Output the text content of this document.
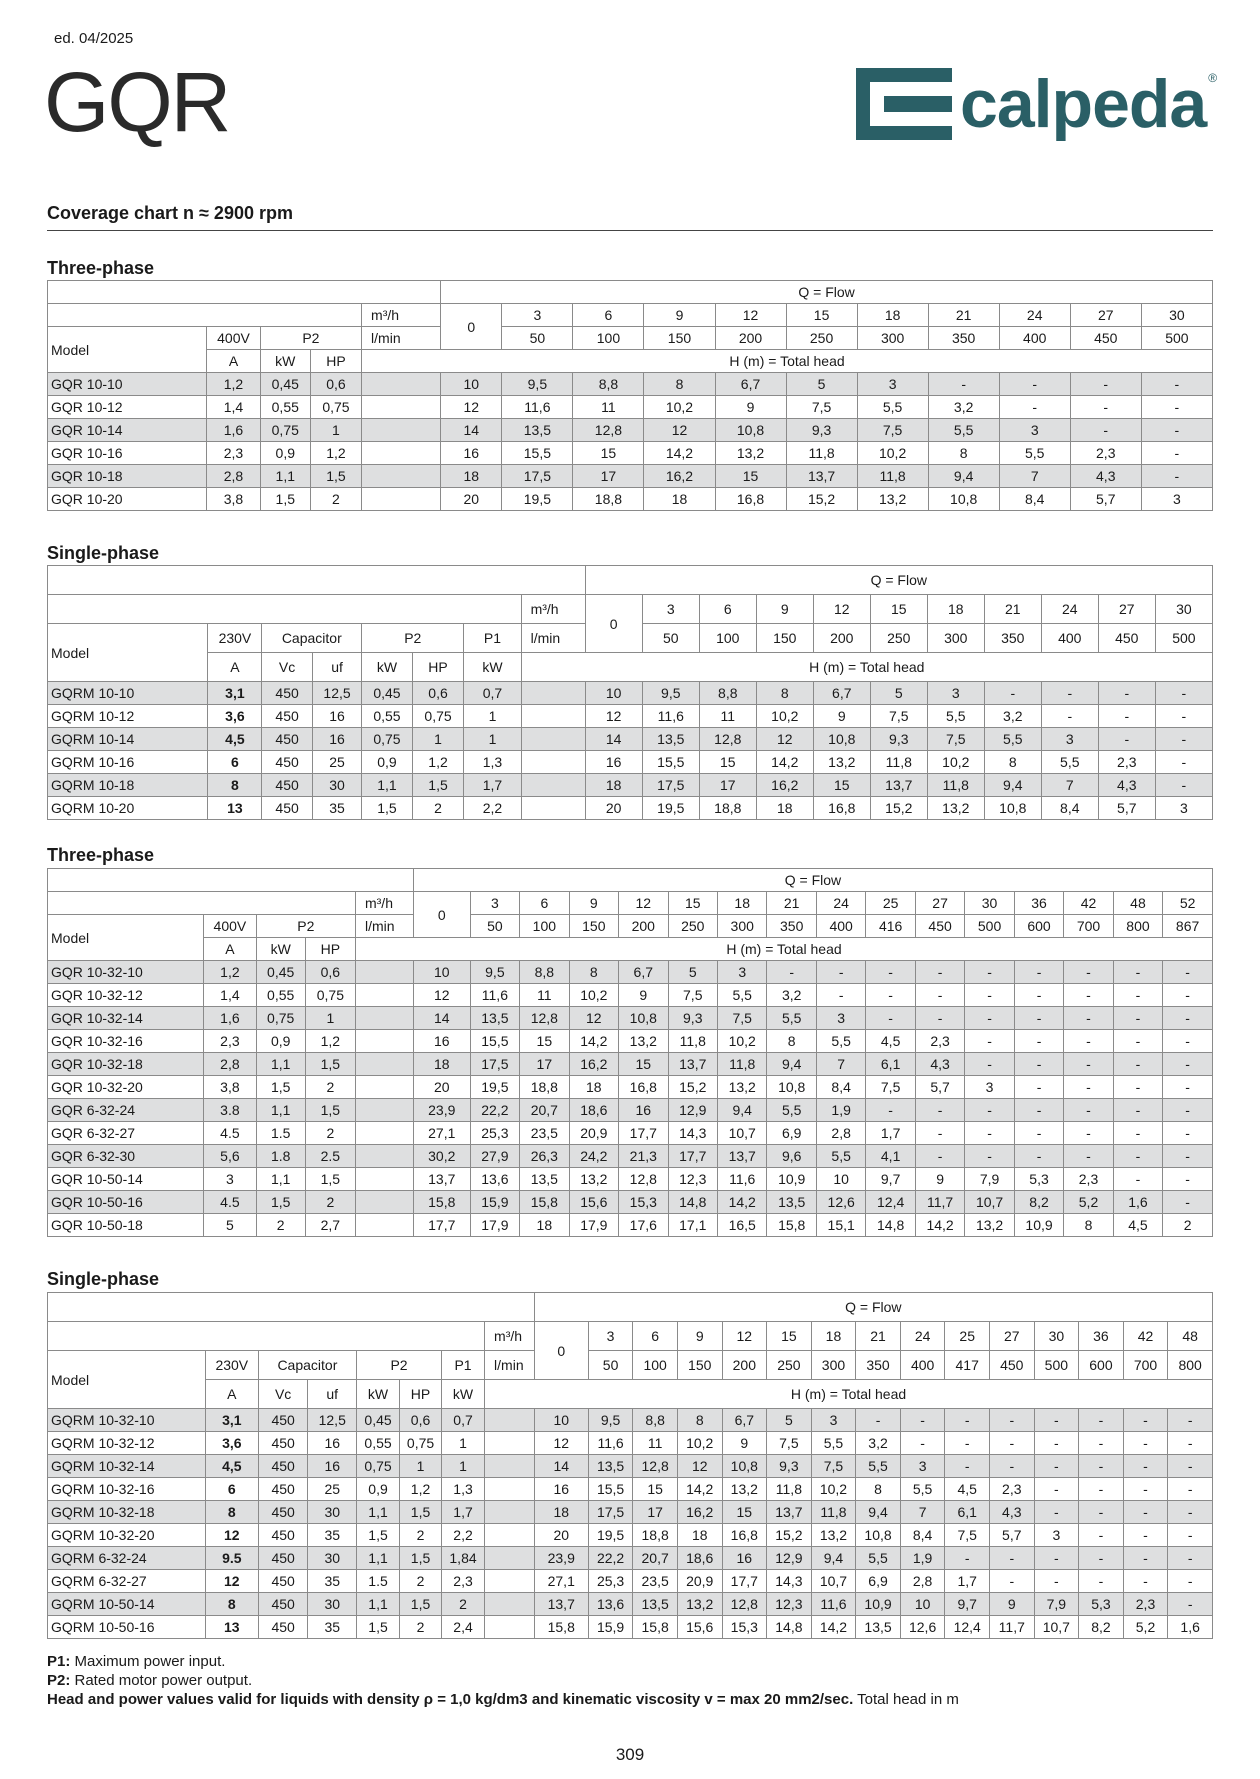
ed. 04/2025
GQR	calpeda ®
Coverage chart n ≈ 2900 rpm
Three-phase
					Q = Flow										
				m³/h	0	3	6	9	12	15	18	21	24	27	30
Model	400V	P2		l/min		50	100	150	200	250	300	350	400	450	500
	A	kW	HP	H (m) = Total head											
GQR 10-10	1,2	0,45	0,6		10	9,5	8,8	8	6,7	5	3	-	-	-	-
GQR 10-12	1,4	0,55	0,75		12	11,6	11	10,2	9	7,5	5,5	3,2	-	-	-
GQR 10-14	1,6	0,75	1		14	13,5	12,8	12	10,8	9,3	7,5	5,5	3	-	-
GQR 10-16	2,3	0,9	1,2		16	15,5	15	14,2	13,2	11,8	10,2	8	5,5	2,3	-
GQR 10-18	2,8	1,1	1,5		18	17,5	17	16,2	15	13,7	11,8	9,4	7	4,3	-
GQR 10-20	3,8	1,5	2		20	19,5	18,8	18	16,8	15,2	13,2	10,8	8,4	5,7	3
Single-phase
								Q = Flow										
							m³/h	0	3	6	9	12	15	18	21	24	27	30
Model	230V	Capacitor		P2		P1	l/min		50	100	150	200	250	300	350	400	450	500
	A	Vc	uf	kW	HP	kW	H (m) = Total head											
GQRM 10-10	3,1	450	12,5	0,45	0,6	0,7		10	9,5	8,8	8	6,7	5	3	-	-	-	-
GQRM 10-12	3,6	450	16	0,55	0,75	1		12	11,6	11	10,2	9	7,5	5,5	3,2	-	-	-
GQRM 10-14	4,5	450	16	0,75	1	1		14	13,5	12,8	12	10,8	9,3	7,5	5,5	3	-	-
GQRM 10-16	6	450	25	0,9	1,2	1,3		16	15,5	15	14,2	13,2	11,8	10,2	8	5,5	2,3	-
GQRM 10-18	8	450	30	1,1	1,5	1,7		18	17,5	17	16,2	15	13,7	11,8	9,4	7	4,3	-
GQRM 10-20	13	450	35	1,5	2	2,2		20	19,5	18,8	18	16,8	15,2	13,2	10,8	8,4	5,7	3
Three-phase
					Q = Flow															
				m³/h	0	3	6	9	12	15	18	21	24	25	27	30	36	42	48	52
Model	400V	P2		l/min		50	100	150	200	250	300	350	400	416	450	500	600	700	800	867
	A	kW	HP	H (m) = Total head																
GQR 10-32-10	1,2	0,45	0,6		10	9,5	8,8	8	6,7	5	3	-	-	-	-	-	-	-	-	-
GQR 10-32-12	1,4	0,55	0,75		12	11,6	11	10,2	9	7,5	5,5	3,2	-	-	-	-	-	-	-	-
GQR 10-32-14	1,6	0,75	1		14	13,5	12,8	12	10,8	9,3	7,5	5,5	3	-	-	-	-	-	-	-
GQR 10-32-16	2,3	0,9	1,2		16	15,5	15	14,2	13,2	11,8	10,2	8	5,5	4,5	2,3	-	-	-	-	-
GQR 10-32-18	2,8	1,1	1,5		18	17,5	17	16,2	15	13,7	11,8	9,4	7	6,1	4,3	-	-	-	-	-
GQR 10-32-20	3,8	1,5	2		20	19,5	18,8	18	16,8	15,2	13,2	10,8	8,4	7,5	5,7	3	-	-	-	-
GQR 6-32-24	3.8	1,1	1,5		23,9	22,2	20,7	18,6	16	12,9	9,4	5,5	1,9	-	-	-	-	-	-	-
GQR 6-32-27	4.5	1.5	2		27,1	25,3	23,5	20,9	17,7	14,3	10,7	6,9	2,8	1,7	-	-	-	-	-	-
GQR 6-32-30	5,6	1.8	2.5		30,2	27,9	26,3	24,2	21,3	17,7	13,7	9,6	5,5	4,1	-	-	-	-	-	-
GQR 10-50-14	3	1,1	1,5		13,7	13,6	13,5	13,2	12,8	12,3	11,6	10,9	10	9,7	9	7,9	5,3	2,3	-	-
GQR 10-50-16	4.5	1,5	2		15,8	15,9	15,8	15,6	15,3	14,8	14,2	13,5	12,6	12,4	11,7	10,7	8,2	5,2	1,6	-
GQR 10-50-18	5	2	2,7		17,7	17,9	18	17,9	17,6	17,1	16,5	15,8	15,1	14,8	14,2	13,2	10,9	8	4,5	2
Single-phase
								Q = Flow														
							m³/h	0	3	6	9	12	15	18	21	24	25	27	30	36	42	48
Model	230V	Capacitor		P2		P1	l/min		50	100	150	200	250	300	350	400	417	450	500	600	700	800
	A	Vc	uf	kW	HP	kW	H (m) = Total head															
GQRM 10-32-10	3,1	450	12,5	0,45	0,6	0,7		10	9,5	8,8	8	6,7	5	3	-	-	-	-	-	-	-	-
GQRM 10-32-12	3,6	450	16	0,55	0,75	1		12	11,6	11	10,2	9	7,5	5,5	3,2	-	-	-	-	-	-	-
GQRM 10-32-14	4,5	450	16	0,75	1	1		14	13,5	12,8	12	10,8	9,3	7,5	5,5	3	-	-	-	-	-	-
GQRM 10-32-16	6	450	25	0,9	1,2	1,3		16	15,5	15	14,2	13,2	11,8	10,2	8	5,5	4,5	2,3	-	-	-	-
GQRM 10-32-18	8	450	30	1,1	1,5	1,7		18	17,5	17	16,2	15	13,7	11,8	9,4	7	6,1	4,3	-	-	-	-
GQRM 10-32-20	12	450	35	1,5	2	2,2		20	19,5	18,8	18	16,8	15,2	13,2	10,8	8,4	7,5	5,7	3	-	-	-
GQRM 6-32-24	9.5	450	30	1,1	1,5	1,84		23,9	22,2	20,7	18,6	16	12,9	9,4	5,5	1,9	-	-	-	-	-	-
GQRM 6-32-27	12	450	35	1.5	2	2,3		27,1	25,3	23,5	20,9	17,7	14,3	10,7	6,9	2,8	1,7	-	-	-	-	-
GQRM 10-50-14	8	450	30	1,1	1,5	2		13,7	13,6	13,5	13,2	12,8	12,3	11,6	10,9	10	9,7	9	7,9	5,3	2,3	-
GQRM 10-50-16	13	450	35	1,5	2	2,4		15,8	15,9	15,8	15,6	15,3	14,8	14,2	13,5	12,6	12,4	11,7	10,7	8,2	5,2	1,6
P1: Maximum power input.
P2: Rated motor power output.
Head and power values valid for liquids with density ρ = 1,0 kg/dm3 and kinematic viscosity v = max 20 mm2/sec. Total head in m
309
